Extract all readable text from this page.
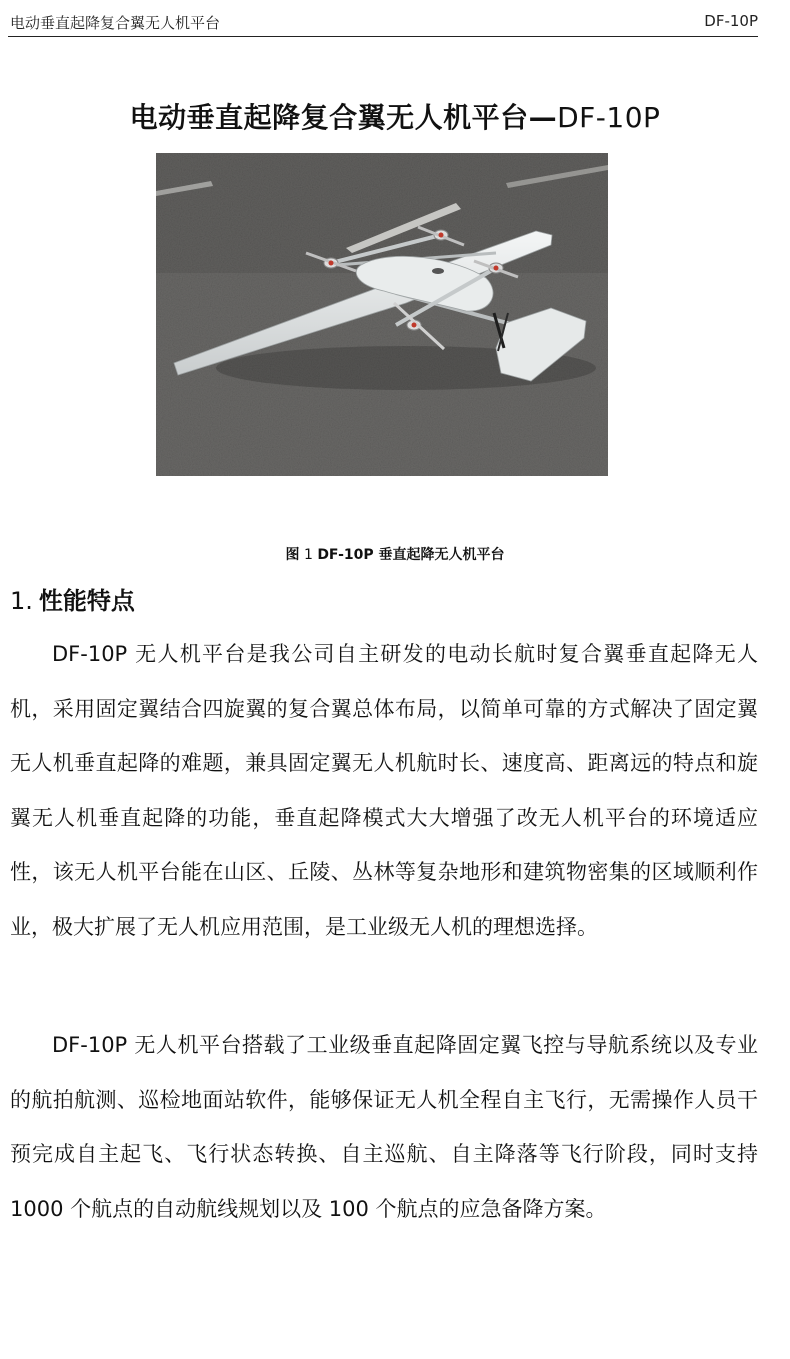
电动垂直起降复合翼无人机平台	DF-10P
电动垂直起降复合翼无人机平台—DF-10P
图 1 DF-10P 垂直起降无人机平台
1. 性能特点

DF-10P 无人机平台是我公司自主研发的电动长航时复合翼垂直起降无人机，采用固定翼结合四旋翼的复合翼总体布局，以简单可靠的方式解决了固定翼无人机垂直起降的难题，兼具固定翼无人机航时长、速度高、距离远的特点和旋翼无人机垂直起降的功能，垂直起降模式大大增强了改无人机平台的环境适应性，该无人机平台能在山区、丘陵、丛林等复杂地形和建筑物密集的区域顺利作业，极大扩展了无人机应用范围，是工业级无人机的理想选择。

DF-10P 无人机平台搭载了工业级垂直起降固定翼飞控与导航系统以及专业的航拍航测、巡检地面站软件，能够保证无人机全程自主飞行，无需操作人员干预完成自主起飞、飞行状态转换、自主巡航、自主降落等飞行阶段，同时支持 1000 个航点的自动航线规划以及 100 个航点的应急备降方案。
